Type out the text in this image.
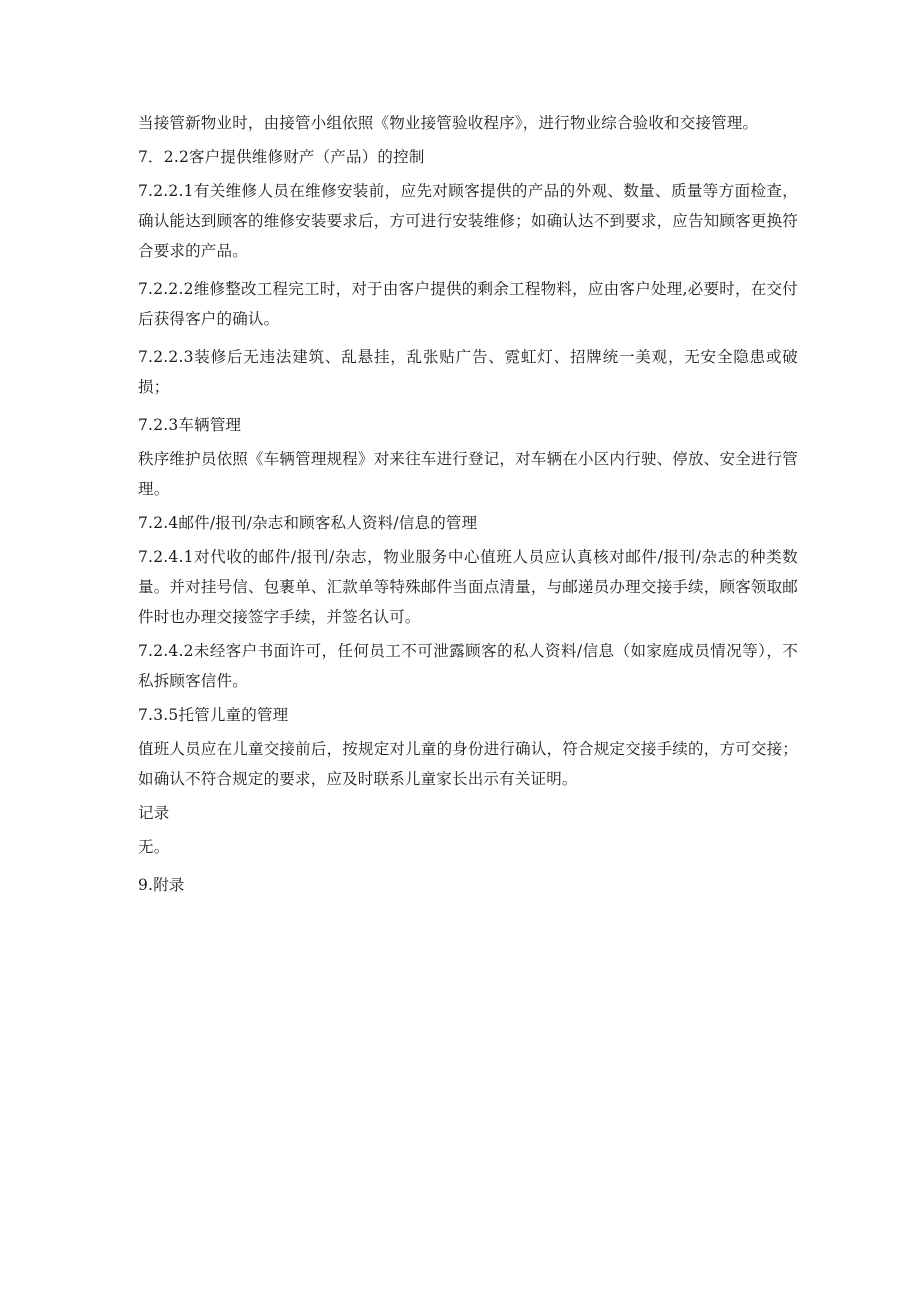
当接管新物业时，由接管小组依照《物业接管验收程序》，进行物业综合验收和交接管理。

7．2.2客户提供维修财产（产品）的控制

7.2.2.1有关维修人员在维修安装前，应先对顾客提供的产品的外观、数量、质量等方面检查，确认能达到顾客的维修安装要求后，方可进行安装维修；如确认达不到要求，应告知顾客更换符合要求的产品。

7.2.2.2维修整改工程完工时，对于由客户提供的剩余工程物料，应由客户处理,必要时，在交付后获得客户的确认。

7.2.2.3装修后无违法建筑、乱悬挂，乱张贴广告、霓虹灯、招牌统一美观，无安全隐患或破损；

7.2.3车辆管理

秩序维护员依照《车辆管理规程》对来往车进行登记，对车辆在小区内行驶、停放、安全进行管理。

7.2.4邮件/报刊/杂志和顾客私人资料/信息的管理

7.2.4.1对代收的邮件/报刊/杂志，物业服务中心值班人员应认真核对邮件/报刊/杂志的种类数量。并对挂号信、包裹单、汇款单等特殊邮件当面点清量，与邮递员办理交接手续，顾客领取邮件时也办理交接签字手续，并签名认可。

7.2.4.2未经客户书面许可，任何员工不可泄露顾客的私人资料/信息（如家庭成员情况等），不私拆顾客信件。

7.3.5托管儿童的管理

值班人员应在儿童交接前后，按规定对儿童的身份进行确认，符合规定交接手续的，方可交接；如确认不符合规定的要求，应及时联系儿童家长出示有关证明。

记录

无。

9.附录
